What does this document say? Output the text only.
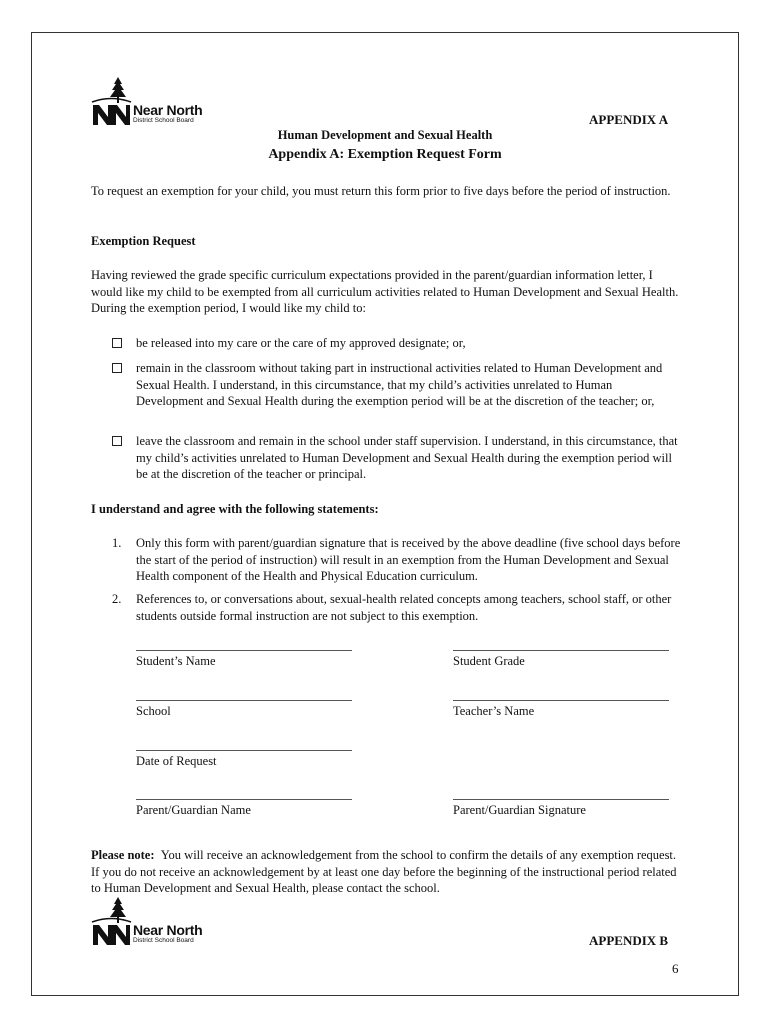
Near North
District School Board	APPENDIX A
Human Development and Sexual Health
Appendix A: Exemption Request Form

To request an exemption for your child, you must return this form prior to five days before the period of instruction.

Exemption Request

Having reviewed the grade specific curriculum expectations provided in the parent/guardian information letter, I would like my child to be exempted from all curriculum activities related to Human Development and Sexual Health. During the exemption period, I would like my child to:

be released into my care or the care of my approved designate; or,

remain in the classroom without taking part in instructional activities related to Human Development and Sexual Health. I understand, in this circumstance, that my child’s activities unrelated to Human Development and Sexual Health during the exemption period will be at the discretion of the teacher; or,

leave the classroom and remain in the school under staff supervision. I understand, in this circumstance, that my child’s activities unrelated to Human Development and Sexual Health during the exemption period will be at the discretion of the teacher or principal.

I understand and agree with the following statements:

1. Only this form with parent/guardian signature that is received by the above deadline (five school days before the start of the period of instruction) will result in an exemption from the Human Development and Sexual Health component of the Health and Physical Education curriculum.

2. References to, or conversations about, sexual-health related concepts among teachers, school staff, or other students outside formal instruction are not subject to this exemption.

Student’s Name	Student Grade
School	Teacher’s Name
Date of Request
Parent/Guardian Name	Parent/Guardian Signature

Please note: You will receive an acknowledgement from the school to confirm the details of any exemption request. If you do not receive an acknowledgement by at least one day before the beginning of the instructional period related to Human Development and Sexual Health, please contact the school.

Near North
District School Board	APPENDIX B
6
